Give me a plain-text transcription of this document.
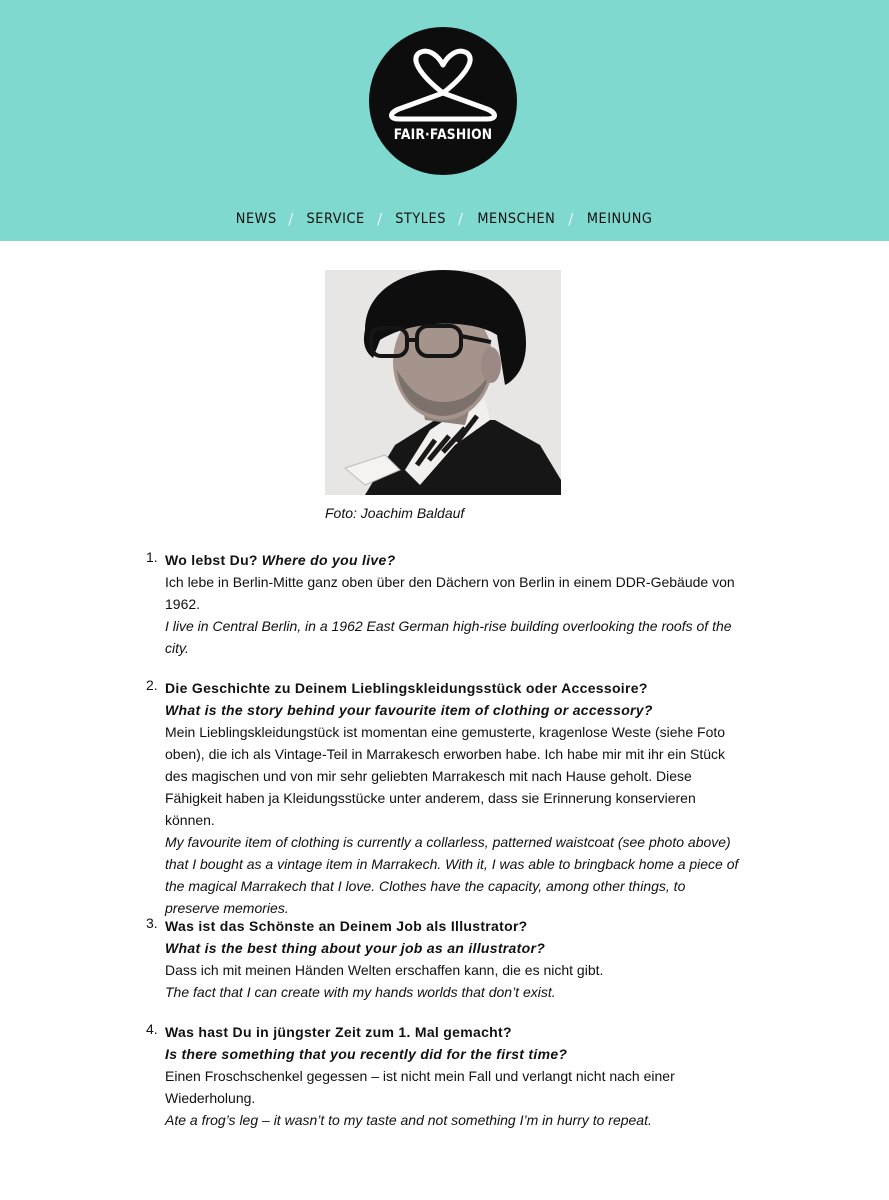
FAIR·FASHION
NEWS / SERVICE / STYLES / MENSCHEN / MEINUNG
Foto: Joachim Baldauf
1. Wo lebst Du? Where do you live?
Ich lebe in Berlin-Mitte ganz oben über den Dächern von Berlin in einem DDR-Gebäude von 1962.
I live in Central Berlin, in a 1962 East German high-rise building overlooking the roofs of the city.
2. Die Geschichte zu Deinem Lieblingskleidungsstück oder Accessoire?
What is the story behind your favourite item of clothing or accessory?
Mein Lieblingskleidungstück ist momentan eine gemusterte, kragenlose Weste (siehe Foto oben), die ich als Vintage-Teil in Marrakesch erworben habe. Ich habe mir mit ihr ein Stück des magischen und von mir sehr geliebten Marrakesch mit nach Hause geholt. Diese Fähigkeit haben ja Kleidungsstücke unter anderem, dass sie Erinnerung konservieren können.
My favourite item of clothing is currently a collarless, patterned waistcoat (see photo above) that I bought as a vintage item in Marrakech. With it, I was able to bringback home a piece of the magical Marrakech that I love. Clothes have the capacity, among other things, to preserve memories.
3. Was ist das Schönste an Deinem Job als Illustrator?
What is the best thing about your job as an illustrator?
Dass ich mit meinen Händen Welten erschaffen kann, die es nicht gibt.
The fact that I can create with my hands worlds that don’t exist.
4. Was hast Du in jüngster Zeit zum 1. Mal gemacht?
Is there something that you recently did for the first time?
Einen Froschschenkel gegessen – ist nicht mein Fall und verlangt nicht nach einer Wiederholung.
Ate a frog’s leg – it wasn’t to my taste and not something I’m in hurry to repeat.
